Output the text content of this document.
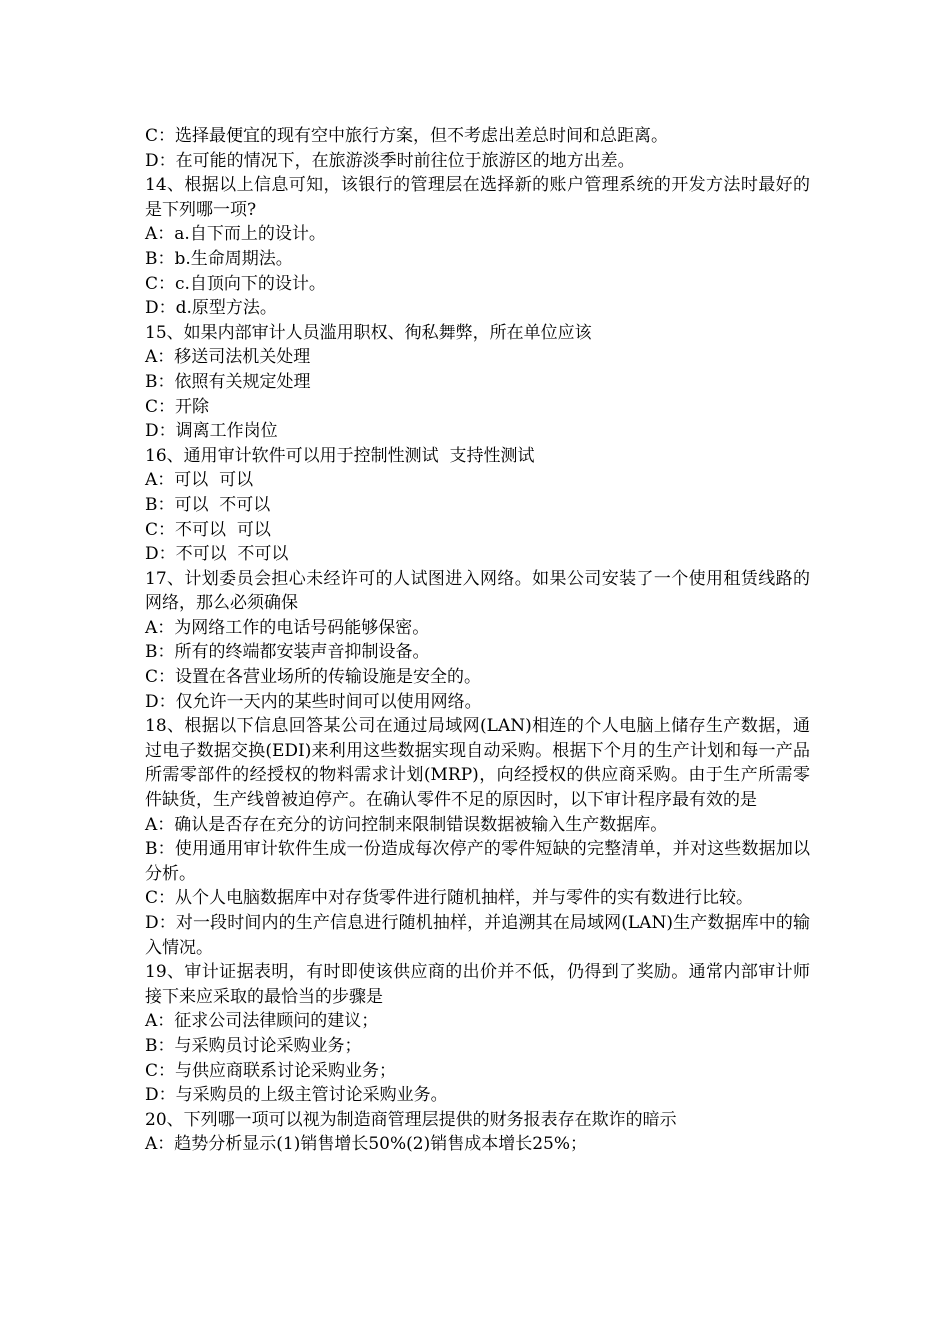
C：选择最便宜的现有空中旅行方案，但不考虑出差总时间和总距离。

D：在可能的情况下，在旅游淡季时前往位于旅游区的地方出差。

14、根据以上信息可知，该银行的管理层在选择新的账户管理系统的开发方法时最好的是下列哪一项?

A：a.自下而上的设计。

B：b.生命周期法。

C：c.自顶向下的设计。

D：d.原型方法。

15、如果内部审计人员滥用职权、徇私舞弊，所在单位应该

A：移送司法机关处理

B：依照有关规定处理

C：开除

D：调离工作岗位

16、通用审计软件可以用于控制性测试  支持性测试

A：可以  可以

B：可以  不可以

C：不可以  可以

D：不可以  不可以

17、计划委员会担心未经许可的人试图进入网络。如果公司安装了一个使用租赁线路的网络，那么必须确保

A：为网络工作的电话号码能够保密。

B：所有的终端都安装声音抑制设备。

C：设置在各营业场所的传输设施是安全的。

D：仅允许一天内的某些时间可以使用网络。

18、根据以下信息回答某公司在通过局域网(LAN)相连的个人电脑上储存生产数据，通过电子数据交换(EDI)来利用这些数据实现自动采购。根据下个月的生产计划和每一产品所需零部件的经授权的物料需求计划(MRP)，向经授权的供应商采购。由于生产所需零件缺货，生产线曾被迫停产。在确认零件不足的原因时，以下审计程序最有效的是

A：确认是否存在充分的访问控制来限制错误数据被输入生产数据库。

B：使用通用审计软件生成一份造成每次停产的零件短缺的完整清单，并对这些数据加以分析。

C：从个人电脑数据库中对存货零件进行随机抽样，并与零件的实有数进行比较。

D：对一段时间内的生产信息进行随机抽样，并追溯其在局域网(LAN)生产数据库中的输入情况。

19、审计证据表明，有时即使该供应商的出价并不低，仍得到了奖励。通常内部审计师接下来应采取的最恰当的步骤是

A：征求公司法律顾问的建议；

B：与采购员讨论采购业务；

C：与供应商联系讨论采购业务；

D：与采购员的上级主管讨论采购业务。

20、下列哪一项可以视为制造商管理层提供的财务报表存在欺诈的暗示

A：趋势分析显示(1)销售增长50%(2)销售成本增长25%；
